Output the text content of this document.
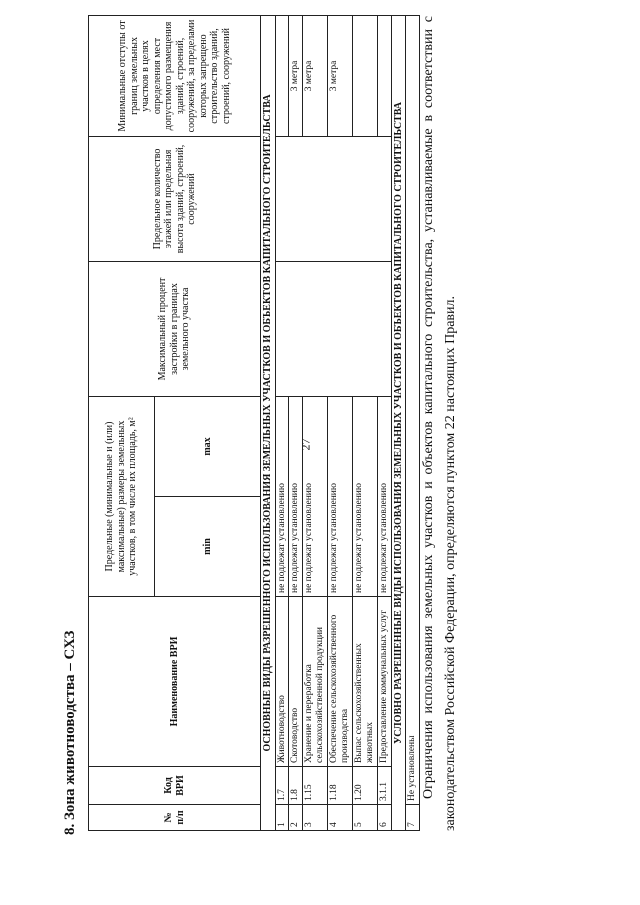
27
8. Зона животноводства – СХЗ	№ п/п	Код ВРИ	Наименование ВРИ	Предельные (минимальные и (или) максимальные) размеры земельных участков, в том числе их площадь, м²		Максимальный процент застройки в границах земельного участка	Предельное количество этажей или предельная высота зданий, строений, сооружений	Минимальные отступы от границ земельных участков в целях определения мест допустимого размещения зданий, строений, сооружений, за пределами которых запрещено строительство зданий, строений, сооружений
			min	max			
ОСНОВНЫЕ ВИДЫ РАЗРЕШЕННОГО ИСПОЛЬЗОВАНИЯ ЗЕМЕЛЬНЫХ УЧАСТКОВ И ОБЪЕКТОВ КАПИТАЛЬНОГО СТРОИТЕЛЬСТВА							
1	1.7	Животноводство	не подлежат установлению				
2	1.8	Скотоводство	не подлежат установлению				3 метра
3	1.15	Хранение и переработка сельскохозяйственной продукции	не подлежат установлению				3 метра
4	1.18	Обеспечение сельскохозяйственного производства	не подлежат установлению				3 метра
5	1.20	Выпас сельскохозяйственных животных	не подлежат установлению				
6	3.1.1	Предоставление коммунальных услуг	не подлежат установлению				
УСЛОВНО РАЗРЕШЕННЫЕ ВИДЫ ИСПОЛЬЗОВАНИЯ ЗЕМЕЛЬНЫХ УЧАСТКОВ И ОБЪЕКТОВ КАПИТАЛЬНОГО СТРОИТЕЛЬСТВА							
7	Не установлены						Ограничения использования земельных участков и объектов капитального строительства, устанавливаемые в соответствии с законодательством Российской Федерации, определяются пунктом 22 настоящих Правил.
